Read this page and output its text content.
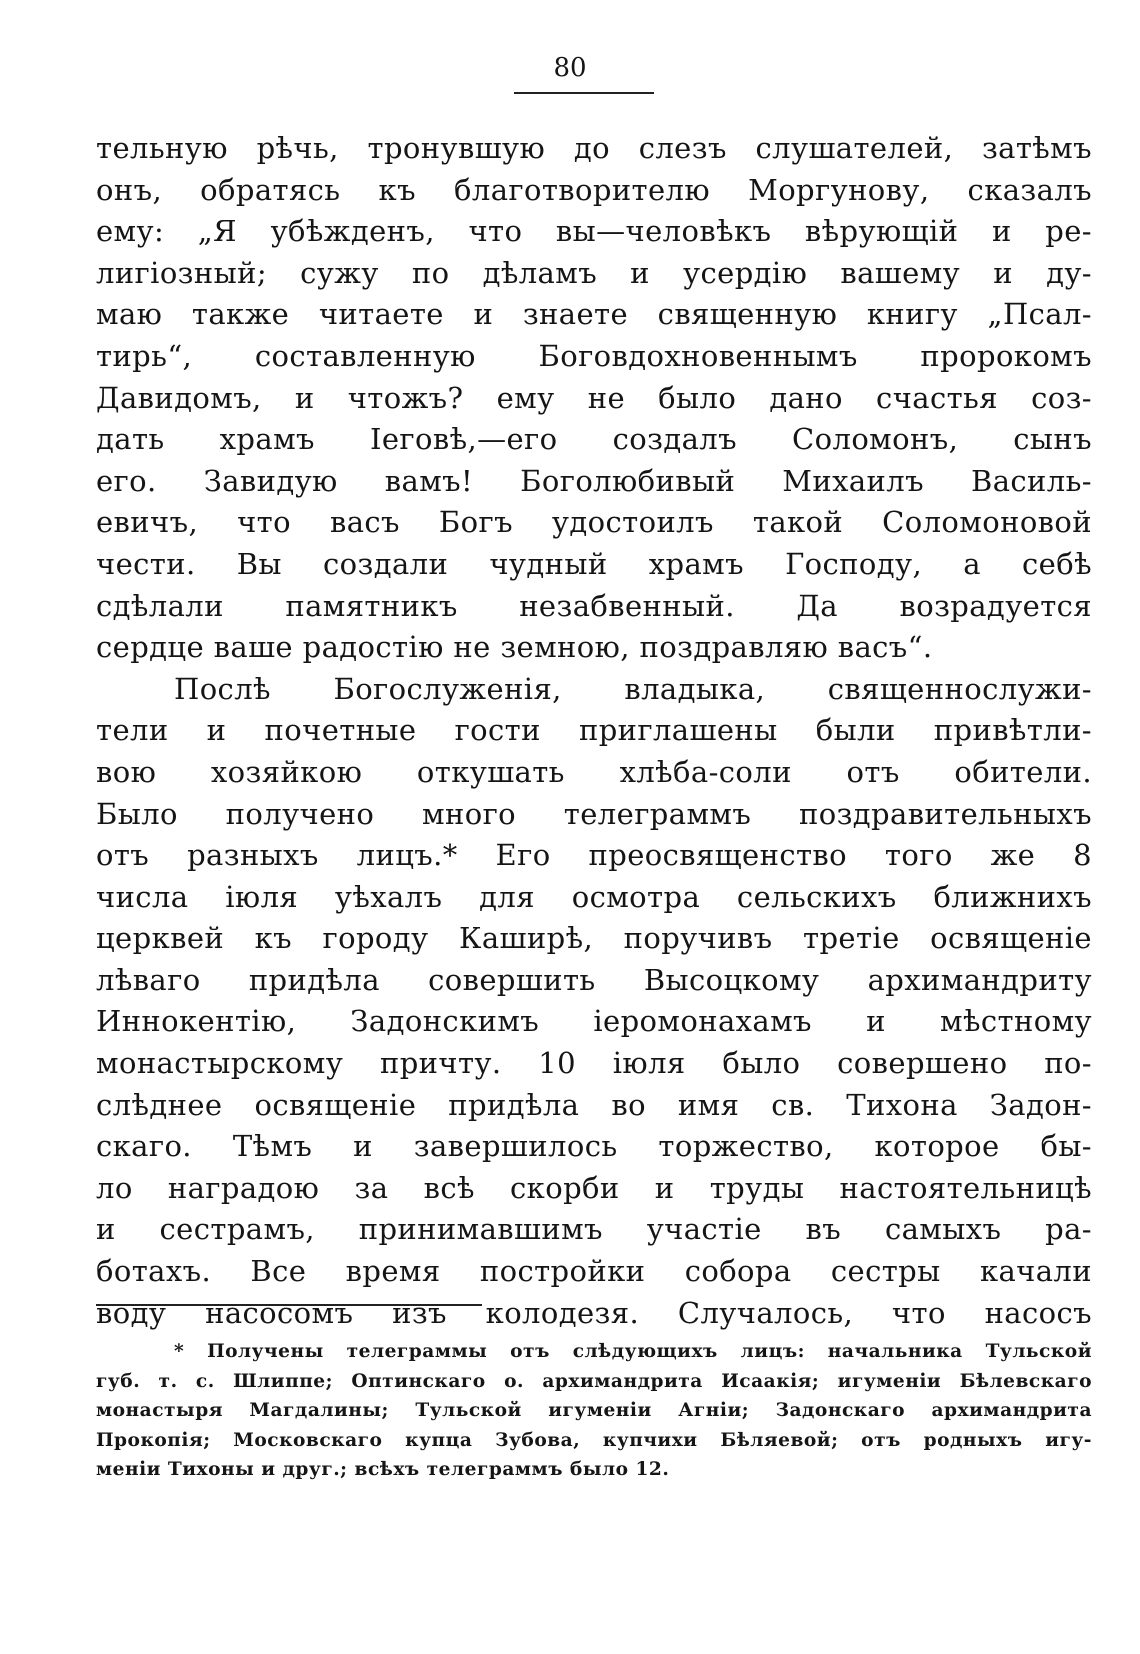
80
тельную рѣчь, тронувшую до слезъ слушателей, затѣмъ
онъ, обратясь къ благотворителю Моргунову, сказалъ
ему: „Я убѣжденъ, что вы—человѣкъ вѣрующій и ре-
лигіозный; сужу по дѣламъ и усердію вашему и ду-
маю также читаете и знаете священную книгу „Псал-
тирь“, составленную Боговдохновеннымъ пророкомъ
Давидомъ, и чтожъ? ему не было дано счастья соз-
дать храмъ Іеговѣ,—его создалъ Соломонъ, сынъ
его. Завидую вамъ! Боголюбивый Михаилъ Василь-
евичъ, что васъ Богъ удостоилъ такой Соломоновой
чести. Вы создали чудный храмъ Господу, а себѣ
сдѣлали памятникъ незабвенный. Да возрадуется
сердце ваше радостію не земною, поздравляю васъ“.
Послѣ Богослуженія, владыка, священнослужи-
тели и почетные гости приглашены были привѣтли-
вою хозяйкою откушать хлѣба-соли отъ обители.
Было получено много телеграммъ поздравительныхъ
отъ разныхъ лицъ.* Его преосвященство того же 8
числа іюля уѣхалъ для осмотра сельскихъ ближнихъ
церквей къ городу Каширѣ, поручивъ третіе освященіе
лѣваго придѣла совершить Высоцкому архимандриту
Иннокентію, Задонскимъ іеромонахамъ и мѣстному
монастырскому причту. 10 іюля было совершено по-
слѣднее освященіе придѣла во имя св. Тихона Задон-
скаго. Тѣмъ и завершилось торжество, которое бы-
ло наградою за всѣ скорби и труды настоятельницѣ
и сестрамъ, принимавшимъ участіе въ самыхъ ра-
ботахъ. Все время постройки собора сестры качали
воду насосомъ изъ колодезя. Случалось, что насосъ
* Получены телеграммы отъ слѣдующихъ лицъ: начальника Тульской
губ. т. с. Шлиппе; Оптинскаго о. архимандрита Исаакія; игуменіи Бѣлевскаго
монастыря Магдалины; Тульской игуменіи Агніи; Задонскаго архимандрита
Прокопія; Московскаго купца Зубова, купчихи Бѣляевой; отъ родныхъ игу-
меніи Тихоны и друг.; всѣхъ телеграммъ было 12.
